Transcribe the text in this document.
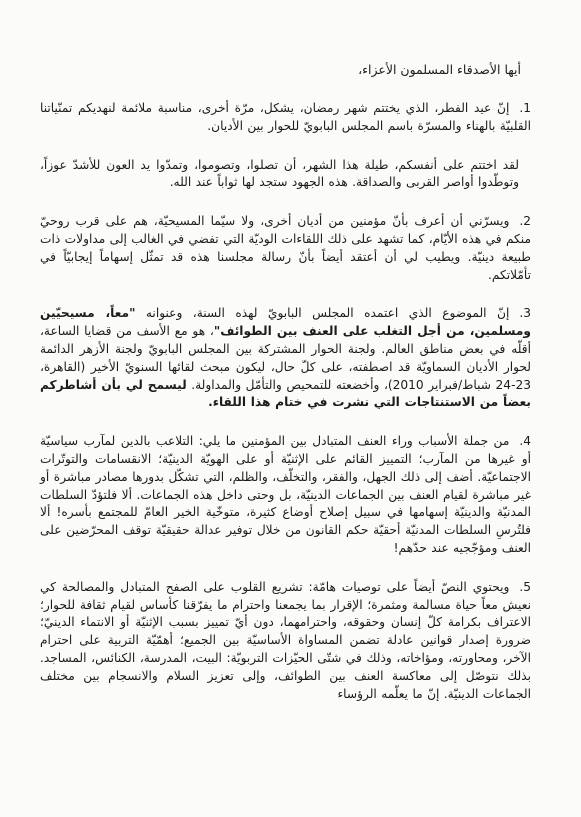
أيها الأصدقاء المسلمون الأعزاء،

1.إنّ عيد الفطر، الذي يختتم شهر رمضان، يشكل، مرّة أخرى، مناسبة ملائمة لنهديكم تمنّياتنا القلبيّة بالهناء والمسرّة باسم المجلس البابويّ للحوار بين الأديان.

لقد اختتم على أنفسكم، طيلة هذا الشهر، أن تصلوا، وتصوموا، وتمدّوا يد العون للأشدّ عوزاً، وتوطّدوا أواصر القربى والصداقة. هذه الجهود ستجد لها ثواباً عند الله.

2.ويسرّني أن أعرف بأنّ مؤمنين من أديان أخرى، ولا سيّما المسيحيّة، هم على قرب روحيّ منكم في هذه الأيّام، كما تشهد على ذلك اللقاءات الوديّة التي تفضي في الغالب إلى مداولات ذات طبيعة دينيّة. ويطيب لي أن أعتقد أيضاً بأنّ رسالة مجلسنا هذه قد تمثّل إسهاماً إيجابيّاً في تأمّلاتكم.

3.إنّ الموضوع الذي اعتمده المجلس البابويّ لهذه السنة، وعنوانه "معاً، مسيحيّين ومسلمين، من أجل التغلب على العنف بين الطوائف"، هو مع الأسف من قضايا الساعة، أقلّه في بعض مناطق العالم. ولجنة الحوار المشتركة بين المجلس البابويّ ولجنة الأزهر الدائمة لحوار الأديان السماويّة قد اصطفته، على كلّ حال، ليكون مبحث لقائها السنويّ الأخير (القاهرة، 23-24 شباط/فبراير 2010)، وأخضعته للتمحيص والتأمّل والمداولة. ليسمح لي بأن أشاطركم بعضاً من الاستنتاجات التي نشرت في ختام هذا اللقاء.

4.من جملة الأسباب وراء العنف المتبادل بين المؤمنين ما يلي: التلاعب بالدين لمآرب سياسيّة أو غيرها من المآرب؛ التمييز القائم على الإثنيّة أو على الهويّة الدينيّة؛ الانقسامات والتوتّرات الاجتماعيّة. أضف إلى ذلك الجهل، والفقر، والتخلّف، والظلم، التي تشكّل بدورها مصادر مباشرة أو غير مباشرة لقيام العنف بين الجماعات الدينيّة، بل وحتى داخل هذه الجماعات. ألا فلتؤدّ السلطات المدنيّة والدينيّة إسهامها في سبيل إصلاح أوضاع كثيرة، متوخّية الخير العامّ للمجتمع بأسره! ألا فلتُرسِ السلطات المدنيّة أحقيّة حكم القانون من خلال توفير عدالة حقيقيّة توقف المحرّضين على العنف ومؤجّجيه عند حدّهم!

5.ويحتوي النصّ أيضاً على توصيات هامّة: تشريع القلوب على الصفح المتبادل والمصالحة كي نعيش معاً حياة مسالمة ومثمرة؛ الإقرار بما يجمعنا واحترام ما يفرّقنا كأساس لقيام ثقافة للحوار؛ الاعتراف بكرامة كلّ إنسان وحقوقه، واحترامهما، دون أيّ تمييز بسبب الإثنيّة أو الانتماء الدينيّ؛ ضرورة إصدار قوانين عادلة تضمن المساواة الأساسيّة بين الجميع؛ أهمّيّة التربية على احترام الآخر، ومحاورته، ومؤاخاته، وذلك في شتّى الحيّزات التربويّة: البيت، المدرسة، الكنائس، المساجد. بذلك نتوصّل إلى معاكسة العنف بين الطوائف، وإلى تعزيز السلام والانسجام بين مختلف الجماعات الدينيّة. إنّ ما يعلّمه الرؤساء
